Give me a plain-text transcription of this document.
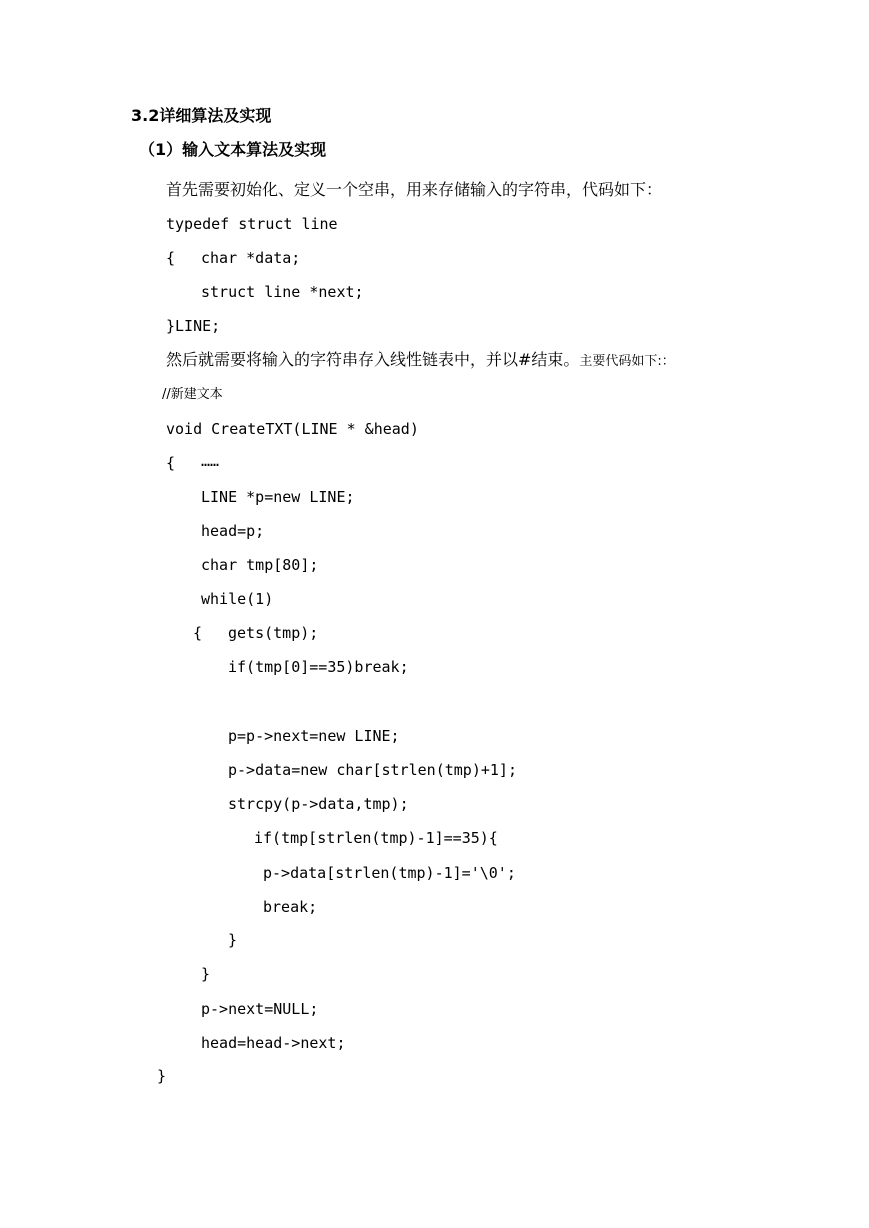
3.2详细算法及实现
（1）输入文本算法及实现
首先需要初始化、定义一个空串，用来存储输入的字符串，代码如下：
typedef struct line
{ char *data;
struct line *next;
}LINE;
然后就需要将输入的字符串存入线性链表中，并以#结束。主要代码如下:：
//新建文本
void CreateTXT(LINE * &head)
{ ……
LINE *p=new LINE;
head=p;
char tmp[80];
while(1)
{ gets(tmp);
if(tmp[0]==35)break;
p=p->next=new LINE;
p->data=new char[strlen(tmp)+1];
strcpy(p->data,tmp);
if(tmp[strlen(tmp)-1]==35){
p->data[strlen(tmp)-1]='\0';
break;
}
}
p->next=NULL;
head=head->next;
}
